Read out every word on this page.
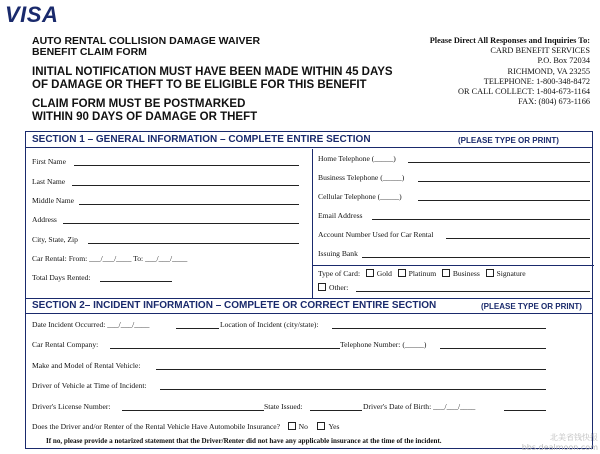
VISA
AUTO RENTAL COLLISION DAMAGE WAIVER
BENEFIT CLAIM FORM
INITIAL NOTIFICATION MUST HAVE BEEN MADE WITHIN 45 DAYS
OF DAMAGE OR THEFT TO BE ELIGIBLE FOR THIS BENEFIT
CLAIM FORM MUST BE POSTMARKED
WITHIN 90 DAYS OF DAMAGE OR THEFT
Please Direct All Responses and Inquiries To:
CARD BENEFIT SERVICES
P.O. Box 72034
RICHMOND, VA 23255
TELEPHONE: 1-800-348-8472
OR CALL COLLECT: 1-804-673-1164
FAX: (804) 673-1166
SECTION 1 – GENERAL INFORMATION – COMPLETE ENTIRE SECTION	(PLEASE TYPE OR PRINT)
First Name
Last Name
Middle Name
Address
City, State, Zip
Car Rental: From: ___/___/____ To: ___/___/____
Total Days Rented:
Home Telephone (_____)
Business Telephone (_____)
Cellular Telephone (_____)
Email Address
Account Number Used for Car Rental
Issuing Bank
Type of Card: Gold Platinum Business Signature
Other:
SECTION 2– INCIDENT INFORMATION – COMPLETE OR CORRECT ENTIRE SECTION	(PLEASE TYPE OR PRINT)
Date Incident Occurred: ___/___/____	Location of Incident (city/state):
Car Rental Company:	Telephone Number: (_____)
Make and Model of Rental Vehicle:
Driver of Vehicle at Time of Incident:
Driver's License Number:	State Issued:	Driver's Date of Birth: ___/___/____
Does the Driver and/or Renter of the Rental Vehicle Have Automobile Insurance? No	Yes
If no, please provide a notarized statement that the Driver/Renter did not have any applicable insurance at the time of the incident.	北美省钱快报
bbs.dealmoon.com
